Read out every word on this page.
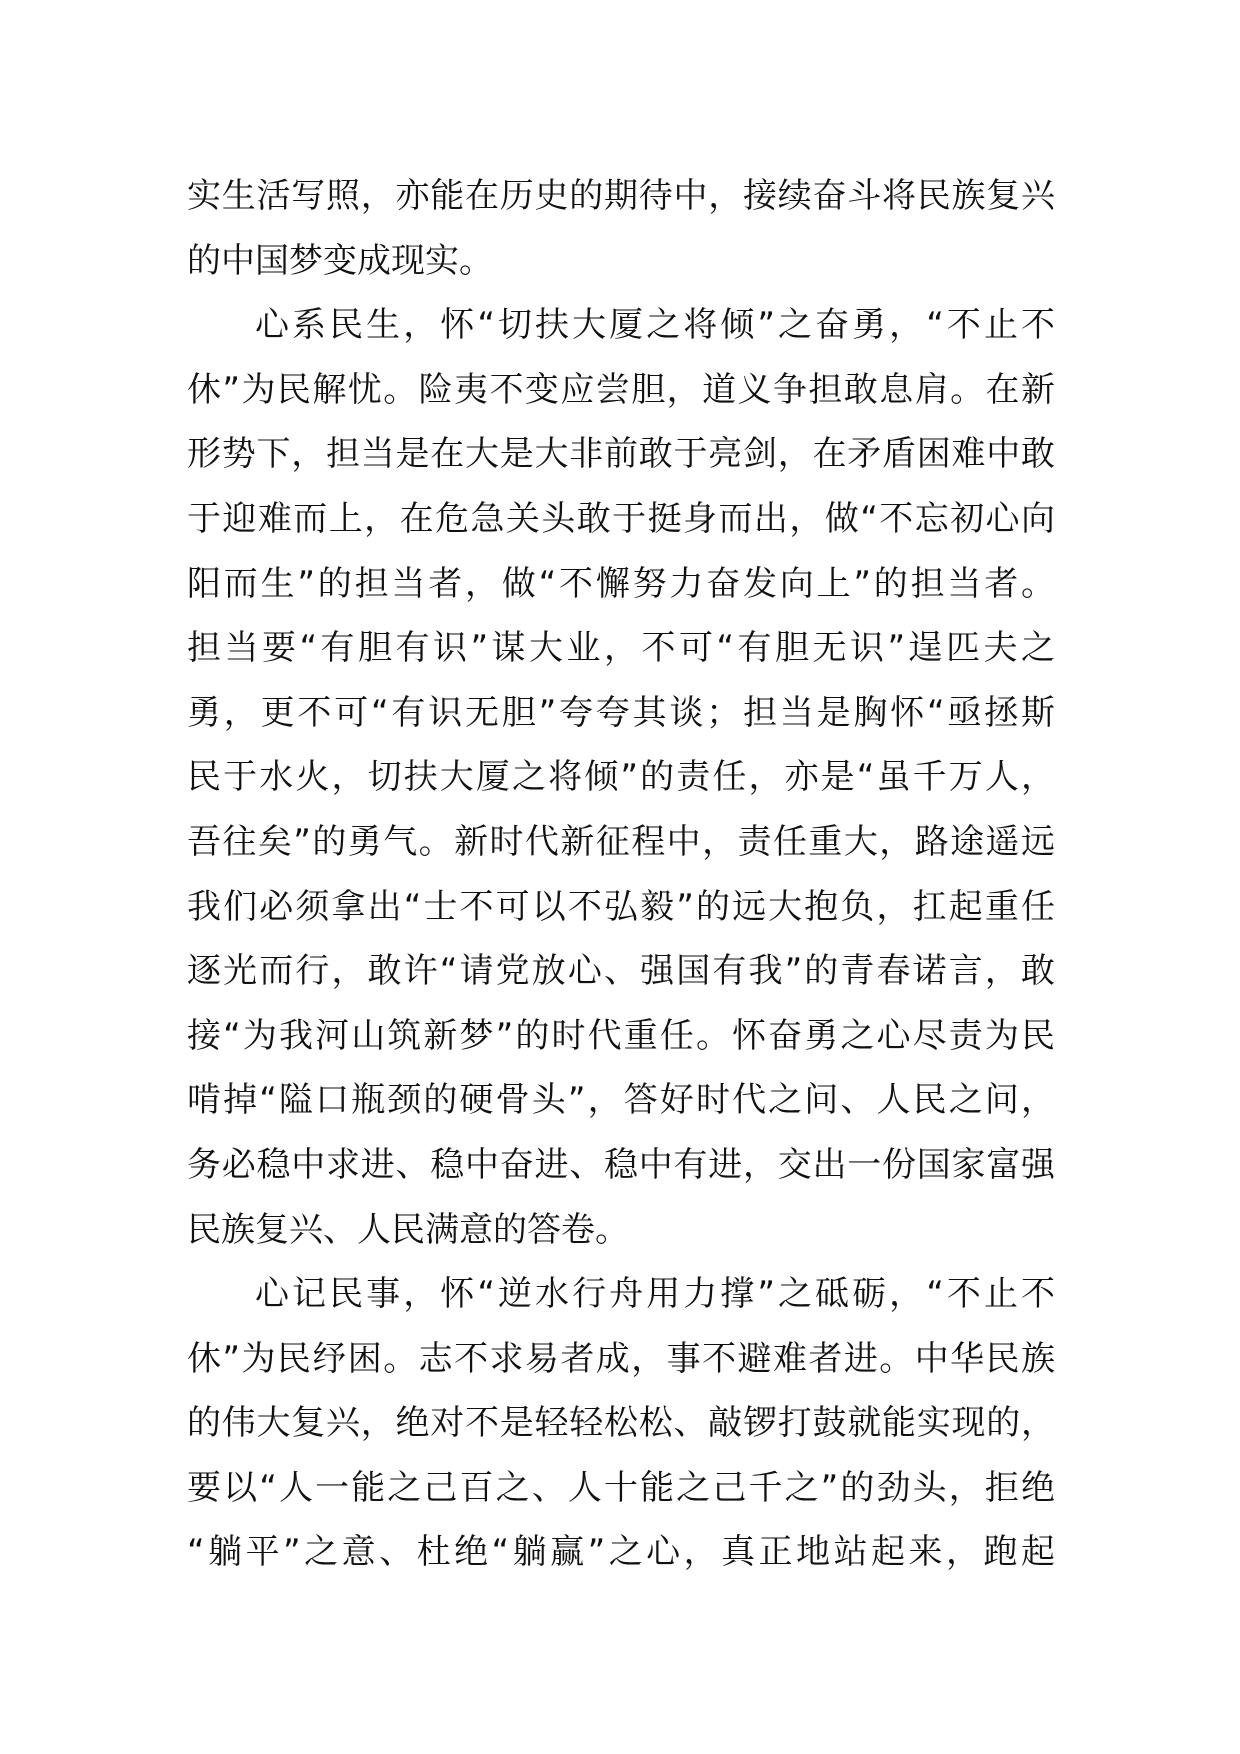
实生活写照，亦能在历史的期待中，接续奋斗将民族复兴
的中国梦变成现实。
心系民生，怀“切扶大厦之将倾”之奋勇，“不止不
休”为民解忧。险夷不变应尝胆，道义争担敢息肩。在新
形势下，担当是在大是大非前敢于亮剑，在矛盾困难中敢
于迎难而上，在危急关头敢于挺身而出，做“不忘初心向
阳而生”的担当者，做“不懈努力奋发向上”的担当者。
担当要“有胆有识”谋大业，不可“有胆无识”逞匹夫之
勇，更不可“有识无胆”夸夸其谈；担当是胸怀“亟拯斯
民于水火，切扶大厦之将倾”的责任，亦是“虽千万人，
吾往矣”的勇气。新时代新征程中，责任重大，路途遥远
我们必须拿出“士不可以不弘毅”的远大抱负，扛起重任
逐光而行，敢许“请党放心、强国有我”的青春诺言，敢
接“为我河山筑新梦”的时代重任。怀奋勇之心尽责为民
啃掉“隘口瓶颈的硬骨头”，答好时代之问、人民之问，
务必稳中求进、稳中奋进、稳中有进，交出一份国家富强
民族复兴、人民满意的答卷。
心记民事，怀“逆水行舟用力撑”之砥砺，“不止不
休”为民纾困。志不求易者成，事不避难者进。中华民族
的伟大复兴，绝对不是轻轻松松、敲锣打鼓就能实现的，
要以“人一能之己百之、人十能之己千之”的劲头，拒绝
“躺平”之意、杜绝“躺赢”之心，真正地站起来，跑起
